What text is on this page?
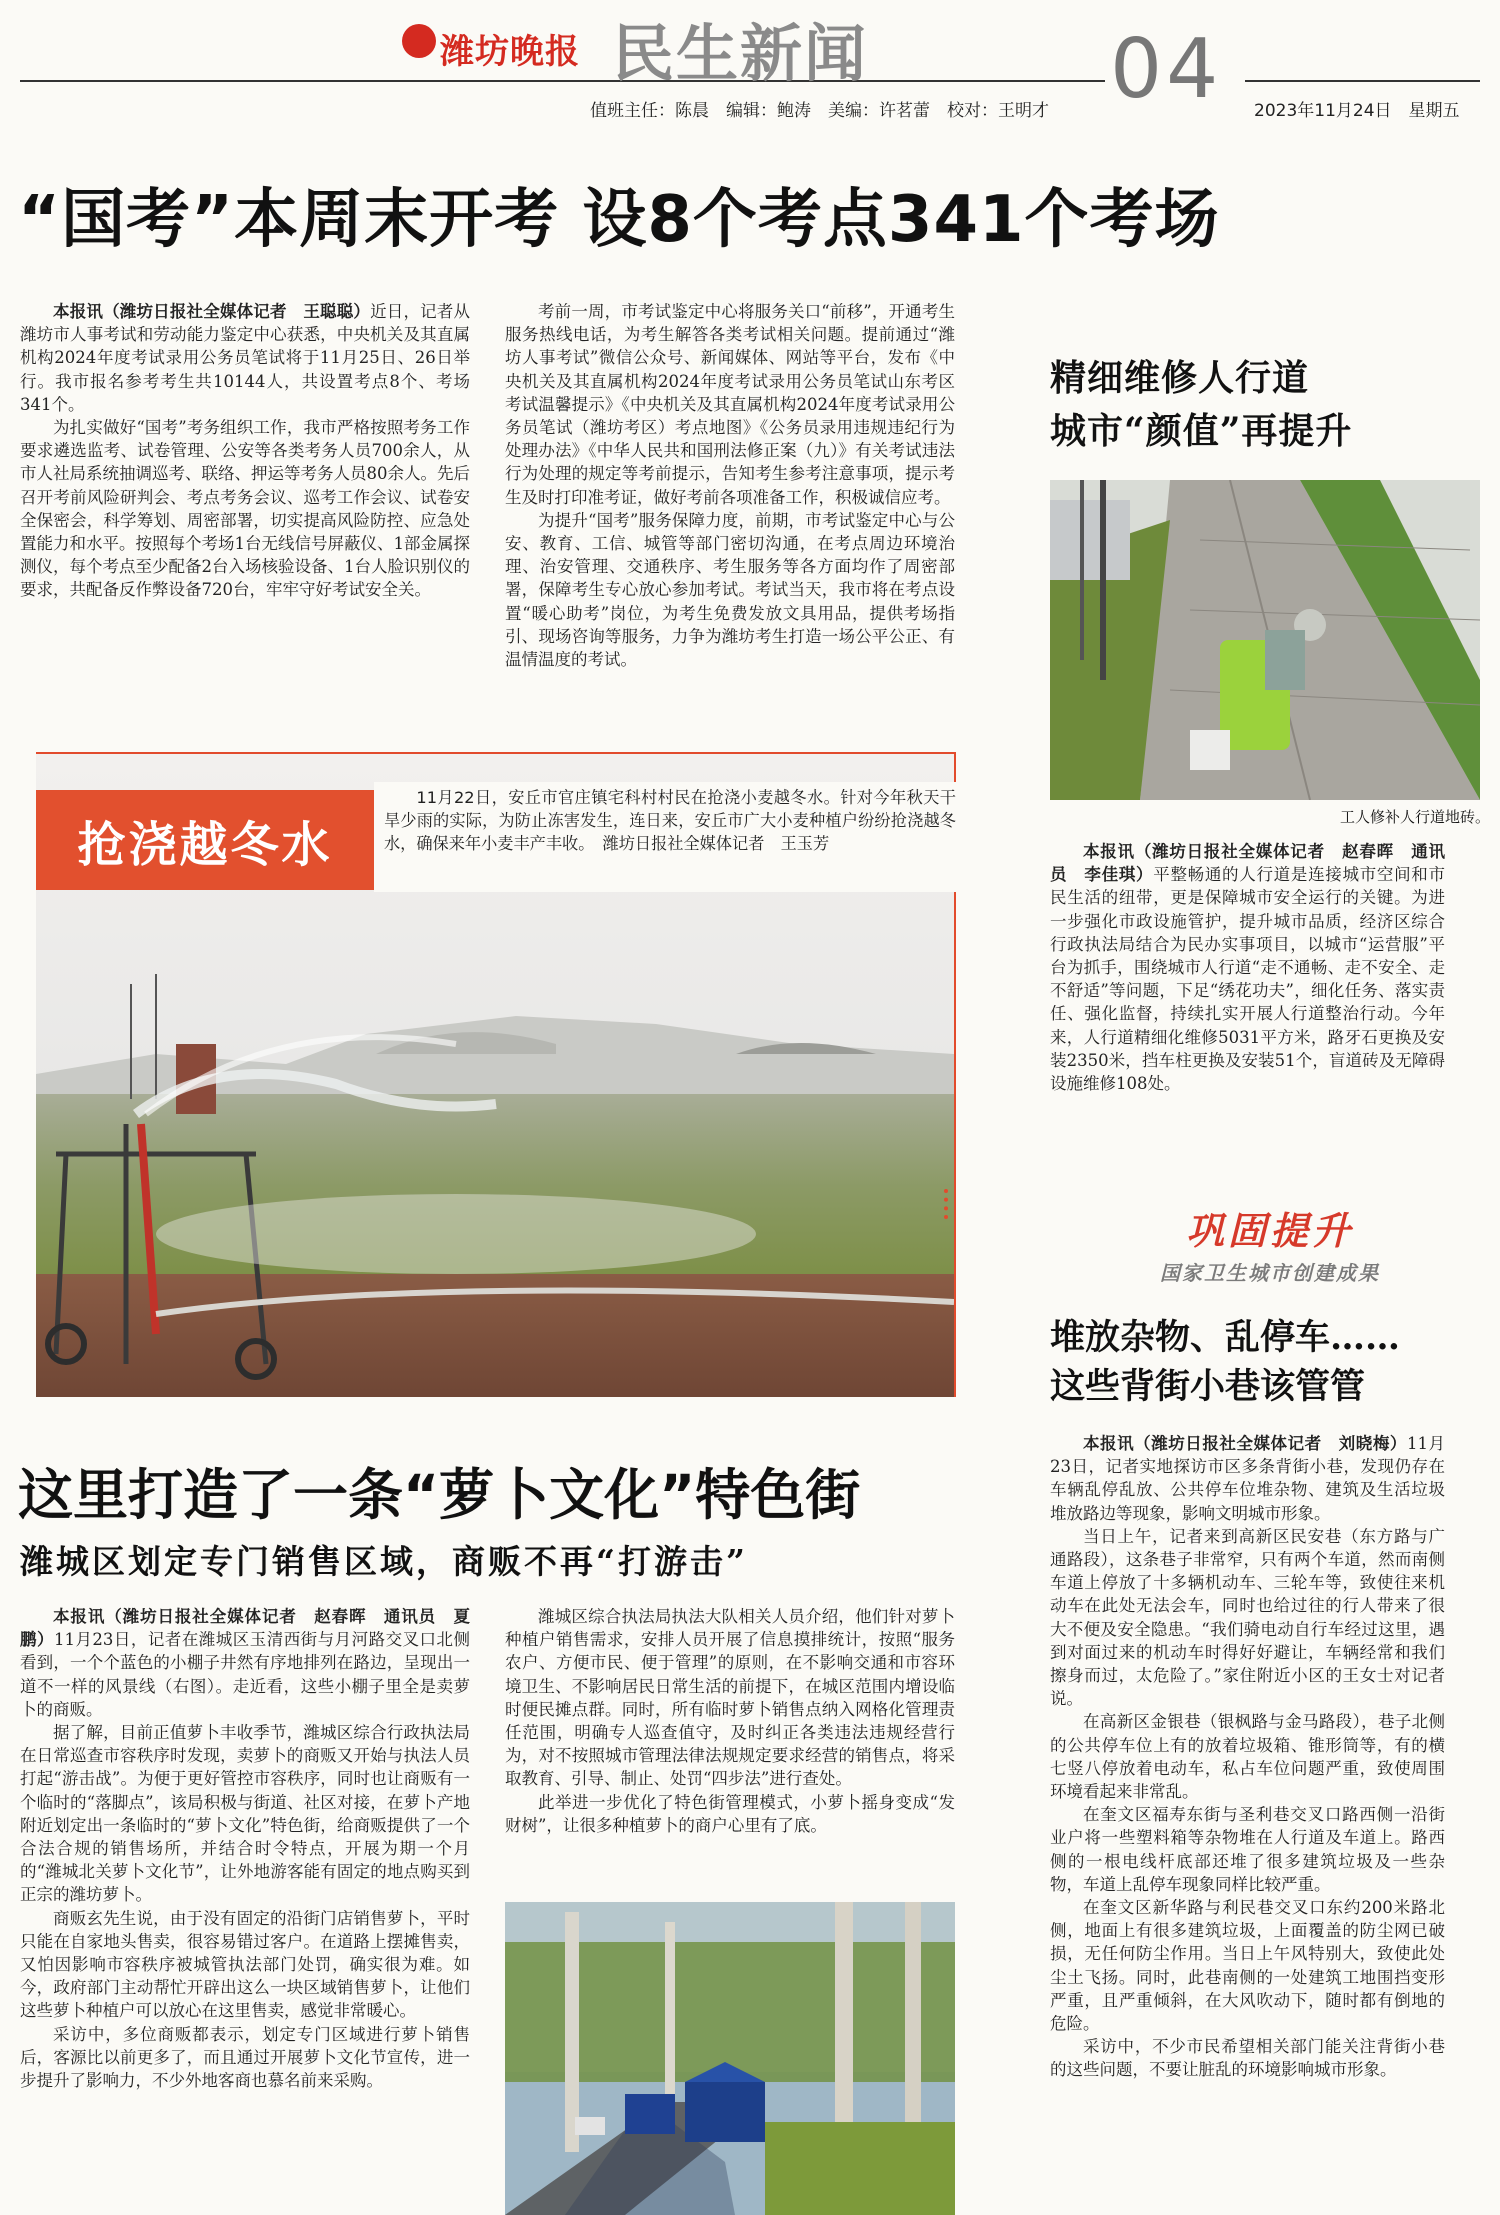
潍坊晚报 民生新闻	04
值班主任：陈晨　编辑：鲍涛　美编：许茗蕾　校对：王明才	2023年11月24日　星期五
“国考”本周末开考 设8个考点341个考场

本报讯（潍坊日报社全媒体记者　王聪聪）近日，记者从潍坊市人事考试和劳动能力鉴定中心获悉，中央机关及其直属机构2024年度考试录用公务员笔试将于11月25日、26日举行。我市报名参考考生共10144人，共设置考点8个、考场341个。

为扎实做好“国考”考务组织工作，我市严格按照考务工作要求遴选监考、试卷管理、公安等各类考务人员700余人，从市人社局系统抽调巡考、联络、押运等考务人员80余人。先后召开考前风险研判会、考点考务会议、巡考工作会议、试卷安全保密会，科学筹划、周密部署，切实提高风险防控、应急处置能力和水平。按照每个考场1台无线信号屏蔽仪、1部金属探测仪，每个考点至少配备2台入场核验设备、1台人脸识别仪的要求，共配备反作弊设备720台，牢牢守好考试安全关。

考前一周，市考试鉴定中心将服务关口“前移”，开通考生服务热线电话，为考生解答各类考试相关问题。提前通过“潍坊人事考试”微信公众号、新闻媒体、网站等平台，发布《中央机关及其直属机构2024年度考试录用公务员笔试山东考区考试温馨提示》《中央机关及其直属机构2024年度考试录用公务员笔试（潍坊考区）考点地图》《公务员录用违规违纪行为处理办法》《中华人民共和国刑法修正案（九）》有关考试违法行为处理的规定等考前提示，告知考生参考注意事项，提示考生及时打印准考证，做好考前各项准备工作，积极诚信应考。

为提升“国考”服务保障力度，前期，市考试鉴定中心与公安、教育、工信、城管等部门密切沟通，在考点周边环境治理、治安管理、交通秩序、考生服务等各方面均作了周密部署，保障考生专心放心参加考试。考试当天，我市将在考点设置“暖心助考”岗位，为考生免费发放文具用品，提供考场指引、现场咨询等服务，力争为潍坊考生打造一场公平公正、有温情温度的考试。

抢浇越冬水

11月22日，安丘市官庄镇宅科村村民在抢浇小麦越冬水。针对今年秋天干旱少雨的实际，为防止冻害发生，连日来，安丘市广大小麦种植户纷纷抢浇越冬水，确保来年小麦丰产丰收。　潍坊日报社全媒体记者　王玉芳

这里打造了一条“萝卜文化”特色街
潍城区划定专门销售区域，商贩不再“打游击”

本报讯（潍坊日报社全媒体记者　赵春晖　通讯员　夏鹏）11月23日，记者在潍城区玉清西街与月河路交叉口北侧看到，一个个蓝色的小棚子井然有序地排列在路边，呈现出一道不一样的风景线（右图）。走近看，这些小棚子里全是卖萝卜的商贩。

据了解，目前正值萝卜丰收季节，潍城区综合行政执法局在日常巡查市容秩序时发现，卖萝卜的商贩又开始与执法人员打起“游击战”。为便于更好管控市容秩序，同时也让商贩有一个临时的“落脚点”，该局积极与街道、社区对接，在萝卜产地附近划定出一条临时的“萝卜文化”特色街，给商贩提供了一个合法合规的销售场所，并结合时令特点，开展为期一个月的“潍城北关萝卜文化节”，让外地游客能有固定的地点购买到正宗的潍坊萝卜。

商贩玄先生说，由于没有固定的沿街门店销售萝卜，平时只能在自家地头售卖，很容易错过客户。在道路上摆摊售卖，又怕因影响市容秩序被城管执法部门处罚，确实很为难。如今，政府部门主动帮忙开辟出这么一块区域销售萝卜，让他们这些萝卜种植户可以放心在这里售卖，感觉非常暖心。

采访中，多位商贩都表示，划定专门区域进行萝卜销售后，客源比以前更多了，而且通过开展萝卜文化节宣传，进一步提升了影响力，不少外地客商也慕名前来采购。

潍城区综合执法局执法大队相关人员介绍，他们针对萝卜种植户销售需求，安排人员开展了信息摸排统计，按照“服务农户、方便市民、便于管理”的原则，在不影响交通和市容环境卫生、不影响居民日常生活的前提下，在城区范围内增设临时便民摊点群。同时，所有临时萝卜销售点纳入网格化管理责任范围，明确专人巡查值守，及时纠正各类违法违规经营行为，对不按照城市管理法律法规规定要求经营的销售点，将采取教育、引导、制止、处罚“四步法”进行查处。

此举进一步优化了特色街管理模式，小萝卜摇身变成“发财树”，让很多种植萝卜的商户心里有了底。

精细维修人行道
城市“颜值”再提升
工人修补人行道地砖。

本报讯（潍坊日报社全媒体记者　赵春晖　通讯员　李佳琪）平整畅通的人行道是连接城市空间和市民生活的纽带，更是保障城市安全运行的关键。为进一步强化市政设施管护，提升城市品质，经济区综合行政执法局结合为民办实事项目，以城市“运营服”平台为抓手，围绕城市人行道“走不通畅、走不安全、走不舒适”等问题，下足“绣花功夫”，细化任务、落实责任、强化监督，持续扎实开展人行道整治行动。今年来，人行道精细化维修5031平方米，路牙石更换及安装2350米，挡车柱更换及安装51个，盲道砖及无障碍设施维修108处。

巩固提升
国家卫生城市创建成果
堆放杂物、乱停车……
这些背街小巷该管管

本报讯（潍坊日报社全媒体记者　刘晓梅）11月23日，记者实地探访市区多条背街小巷，发现仍存在车辆乱停乱放、公共停车位堆杂物、建筑及生活垃圾堆放路边等现象，影响文明城市形象。

当日上午，记者来到高新区民安巷（东方路与广通路段），这条巷子非常窄，只有两个车道，然而南侧车道上停放了十多辆机动车、三轮车等，致使往来机动车在此处无法会车，同时也给过往的行人带来了很大不便及安全隐患。“我们骑电动自行车经过这里，遇到对面过来的机动车时得好好避让，车辆经常和我们擦身而过，太危险了。”家住附近小区的王女士对记者说。

在高新区金银巷（银枫路与金马路段），巷子北侧的公共停车位上有的放着垃圾箱、锥形筒等，有的横七竖八停放着电动车，私占车位问题严重，致使周围环境看起来非常乱。

在奎文区福寿东街与圣利巷交叉口路西侧一沿街业户将一些塑料箱等杂物堆在人行道及车道上。路西侧的一根电线杆底部还堆了很多建筑垃圾及一些杂物，车道上乱停车现象同样比较严重。

在奎文区新华路与利民巷交叉口东约200米路北侧，地面上有很多建筑垃圾，上面覆盖的防尘网已破损，无任何防尘作用。当日上午风特别大，致使此处尘土飞扬。同时，此巷南侧的一处建筑工地围挡变形严重，且严重倾斜，在大风吹动下，随时都有倒地的危险。

采访中，不少市民希望相关部门能关注背街小巷的这些问题，不要让脏乱的环境影响城市形象。
